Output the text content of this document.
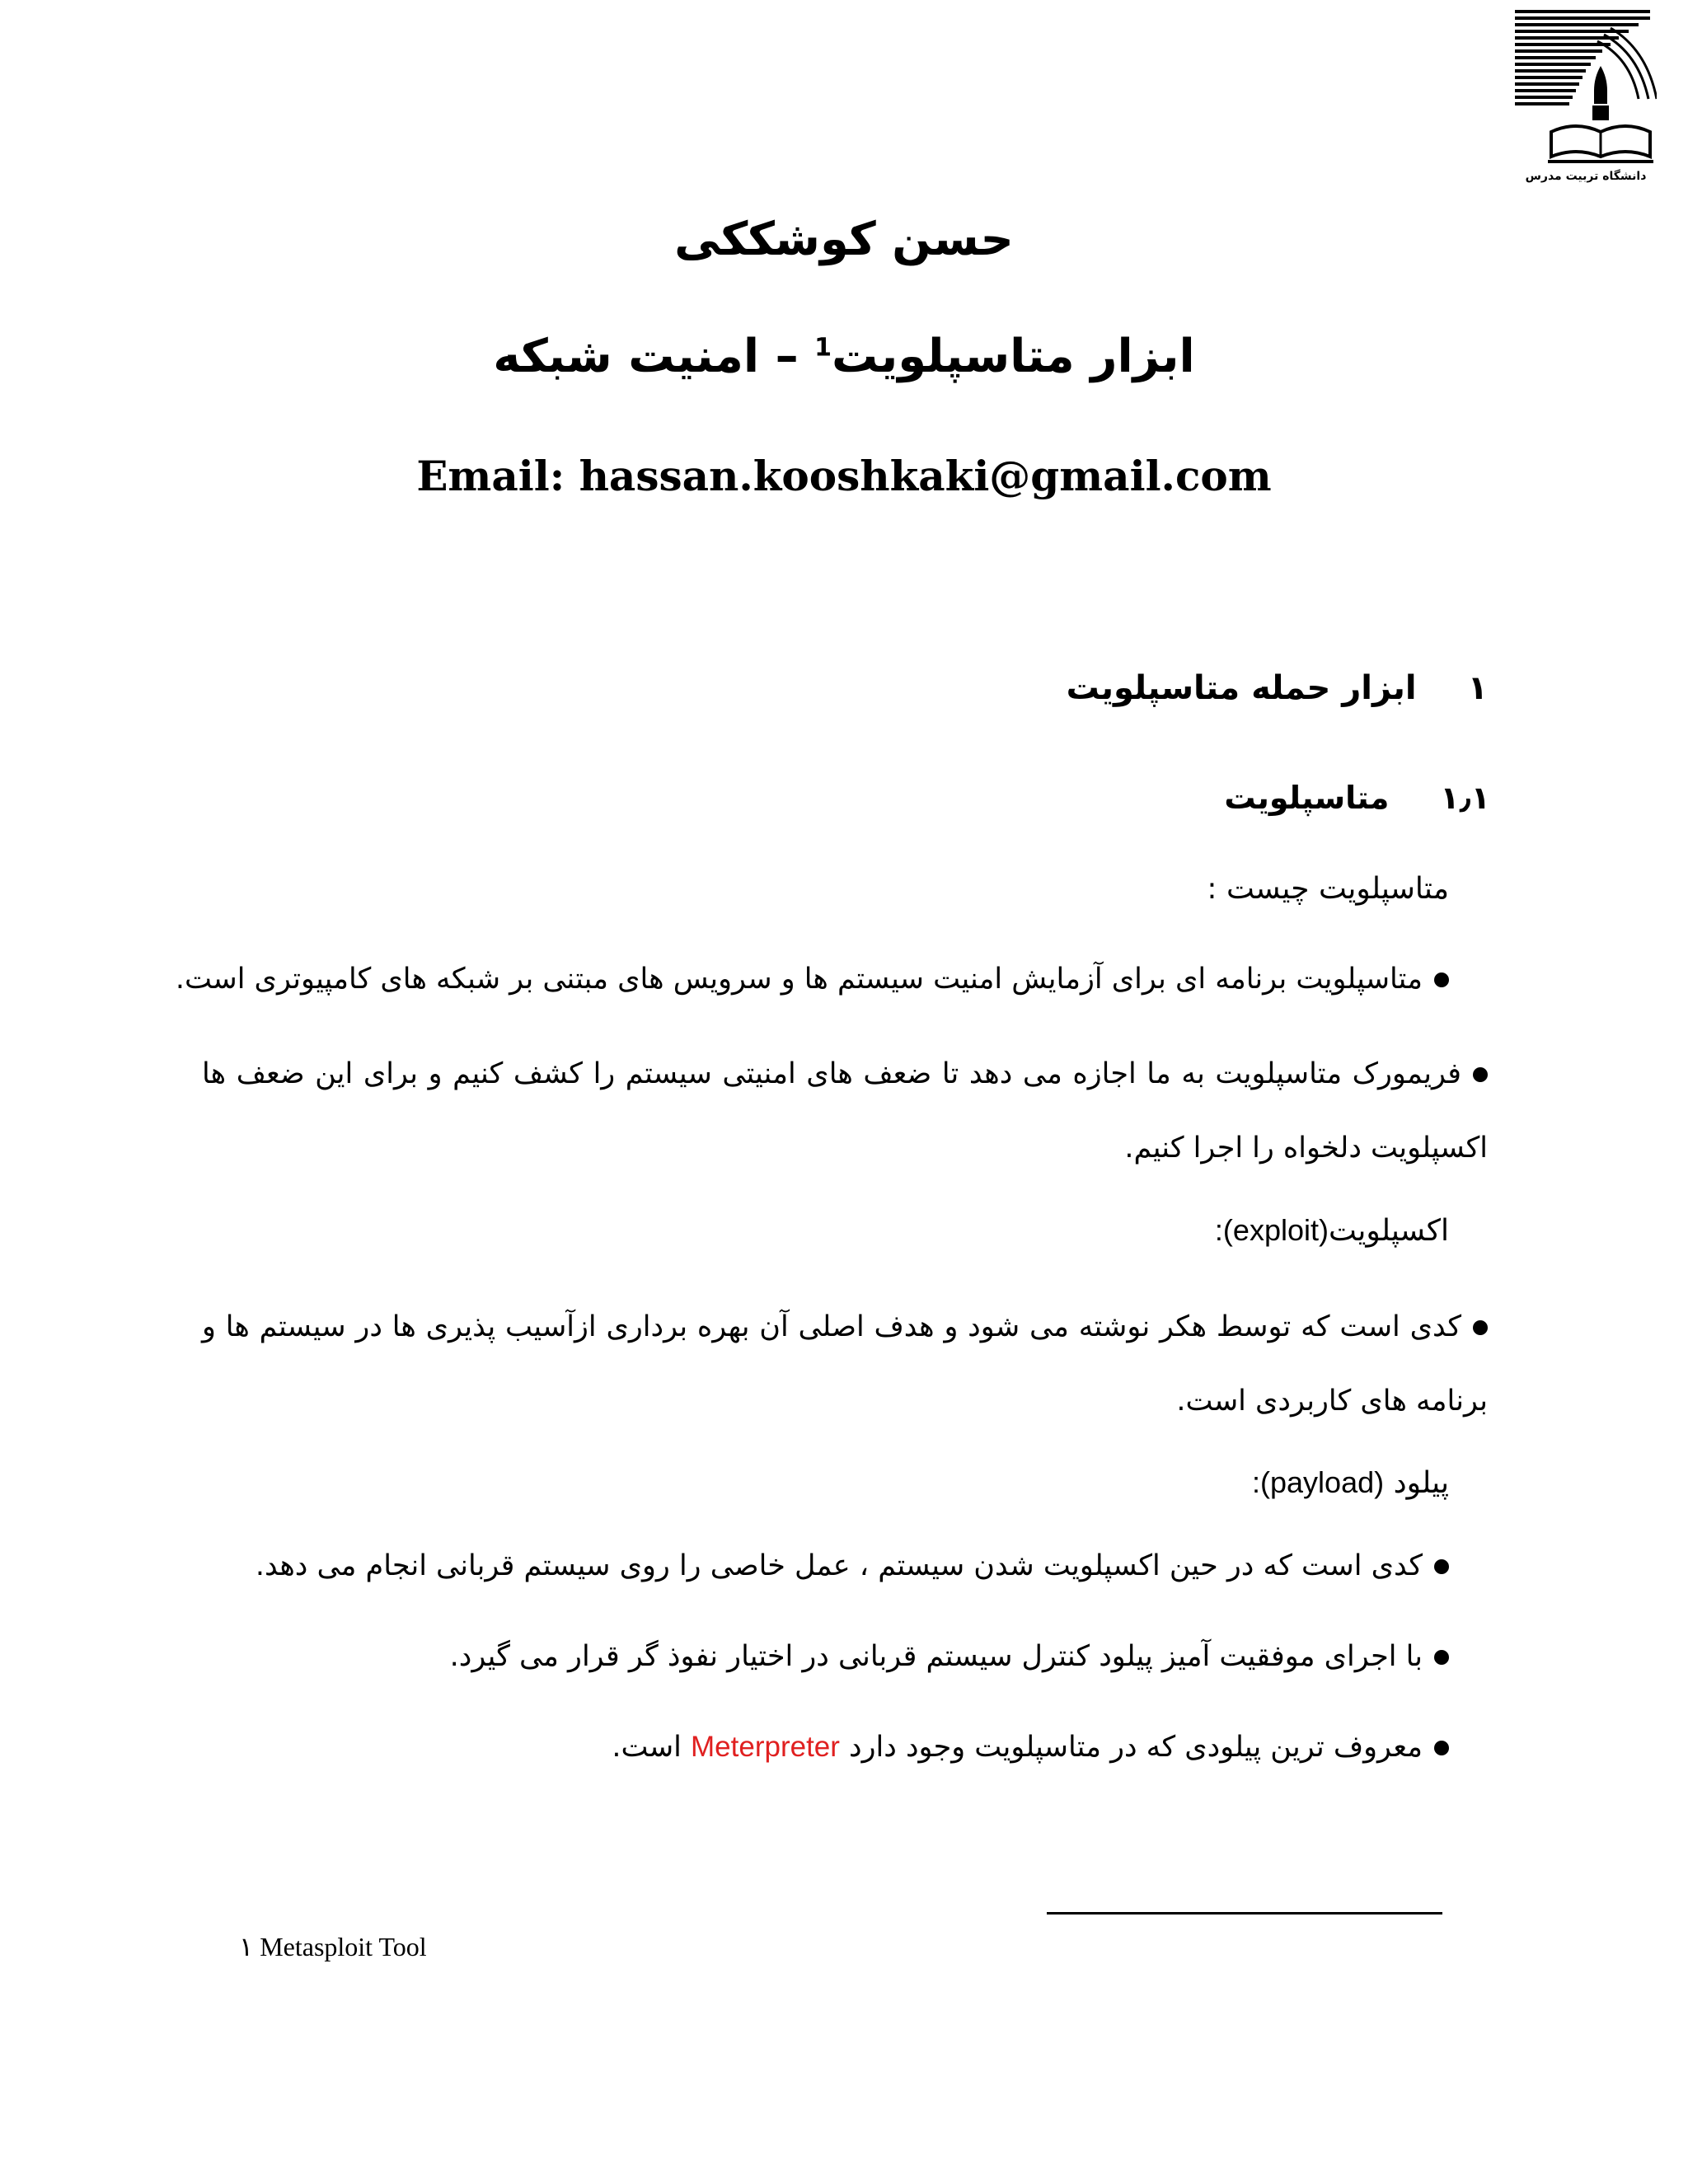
دانشگاه تربیت مدرس
حسن کوشککی
ابزار متاسپلویت$^1$ – امنیت شبکه
Email: hassan.kooshkaki@gmail.com
۱ابزار حمله متاسپلویت
۱٫۱متاسپلویت
متاسپلویت چیست :
متاسپلویت برنامه ای برای آزمایش امنیت سیستم ها و سرویس های مبتنی بر شبکه های کامپیوتری است.
فریمورک متاسپلویت به ما اجازه می دهد تا ضعف های امنیتی سیستم را کشف کنیم و برای این ضعف ها اکسپلویت دلخواه را اجرا کنیم.
اکسپلویت(exploit):
کدی است که توسط هکر نوشته می شود و هدف اصلی آن بهره برداری ازآسیب پذیری ها در سیستم ها و برنامه های کاربردی است.
پیلود (payload):
کدی است که در حین اکسپلویت شدن سیستم ، عمل خاصی را روی سیستم قربانی انجام می دهد.
با اجرای موفقیت آمیز پیلود کنترل سیستم قربانی در اختیار نفوذ گر قرار می گیرد.
معروف ترین پیلودی که در متاسپلویت وجود دارد Meterpreter است.
۱ Metasploit Tool
